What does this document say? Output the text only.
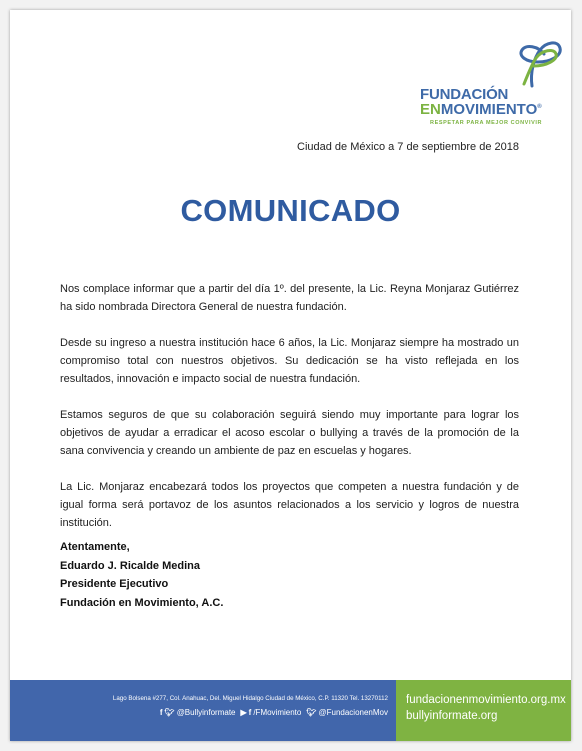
FUNDACIÓN
ENMOVIMIENTO®
RESPETAR PARA MEJOR CONVIVIR
Ciudad de México a 7 de septiembre de 2018
COMUNICADO

Nos complace informar que a partir del día 1º. del presente, la Lic. Reyna Monjaraz Gutiérrez ha sido nombrada Directora General de nuestra fundación.

Desde su ingreso a nuestra institución hace 6 años, la Lic. Monjaraz siempre ha mostrado un compromiso total con nuestros objetivos. Su dedicación se ha visto reflejada en los resultados, innovación e impacto social de nuestra fundación.

Estamos seguros de que su colaboración seguirá siendo muy importante para lograr los objetivos de ayudar a erradicar el acoso escolar o bullying a través de la promoción de la sana convivencia y creando un ambiente de paz en escuelas y hogares.

La Lic. Monjaraz encabezará todos los proyectos que competen a nuestra fundación y de igual forma será portavoz de los asuntos relacionados a los servicio y logros de nuestra institución.

Atentamente,
Eduardo J. Ricalde Medina
Presidente Ejecutivo
Fundación en Movimiento, A.C.
Lago Bolsena #277, Col. Anahuac, Del. Miguel Hidalgo Ciudad de México, C.P. 11320 Tel. 13270112
f 🐦︎ @Bullyinformate ▶ f /FMovimiento 🐦︎ @FundacionenMov
fundacionenmovimiento.org.mx
bullyinformate.org
